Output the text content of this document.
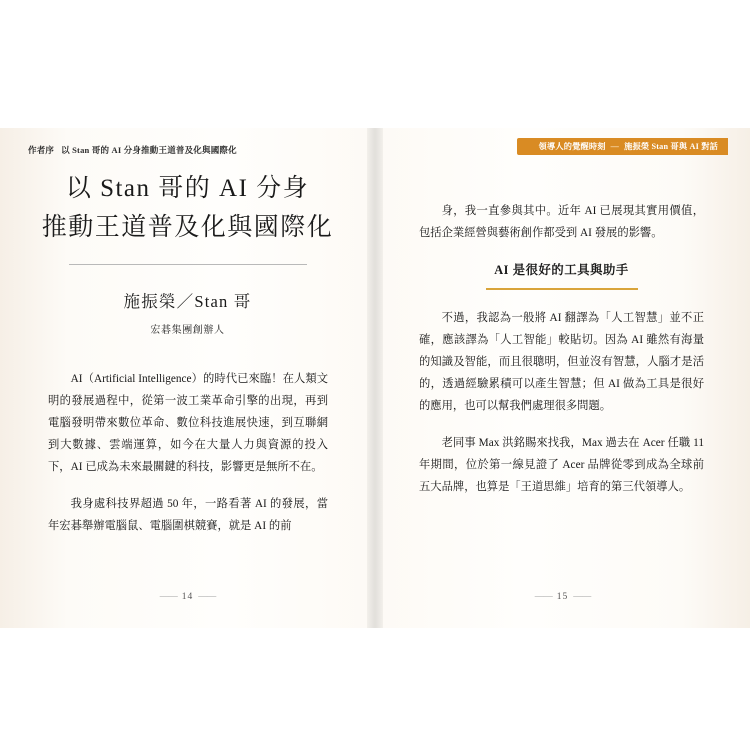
作者序 以 Stan 哥的 AI 分身推動王道普及化與國際化
以 Stan 哥的 AI 分身
推動王道普及化與國際化
施振榮／Stan 哥
宏碁集團創辦人

AI（Artificial Intelligence）的時代已來臨！在人類文明的發展過程中，從第一波工業革命引擎的出現，再到電腦發明帶來數位革命、數位科技進展快速，到互聯網到大數據、雲端運算，如今在大量人力與資源的投入下，AI 已成為未來最關鍵的科技，影響更是無所不在。

我身處科技界超過 50 年，一路看著 AI 的發展，當年宏碁舉辦電腦鼠、電腦圍棋競賽，就是 AI 的前

—— 14 ——
領導人的覺醒時刻 — 施振榮 Stan 哥與 AI 對話

身，我一直參與其中。近年 AI 已展現其實用價值，包括企業經營與藝術創作都受到 AI 發展的影響。

AI 是很好的工具與助手

不過，我認為一般將 AI 翻譯為「人工智慧」並不正確，應該譯為「人工智能」較貼切。因為 AI 雖然有海量的知識及智能，而且很聰明，但並沒有智慧，人腦才是活的，透過經驗累積可以產生智慧；但 AI 做為工具是很好的應用，也可以幫我們處理很多問題。

老同事 Max 洪銘賜來找我，Max 過去在 Acer 任職 11 年期間，位於第一線見證了 Acer 品牌從零到成為全球前五大品牌，也算是「王道思維」培育的第三代領導人。

—— 15 ——
